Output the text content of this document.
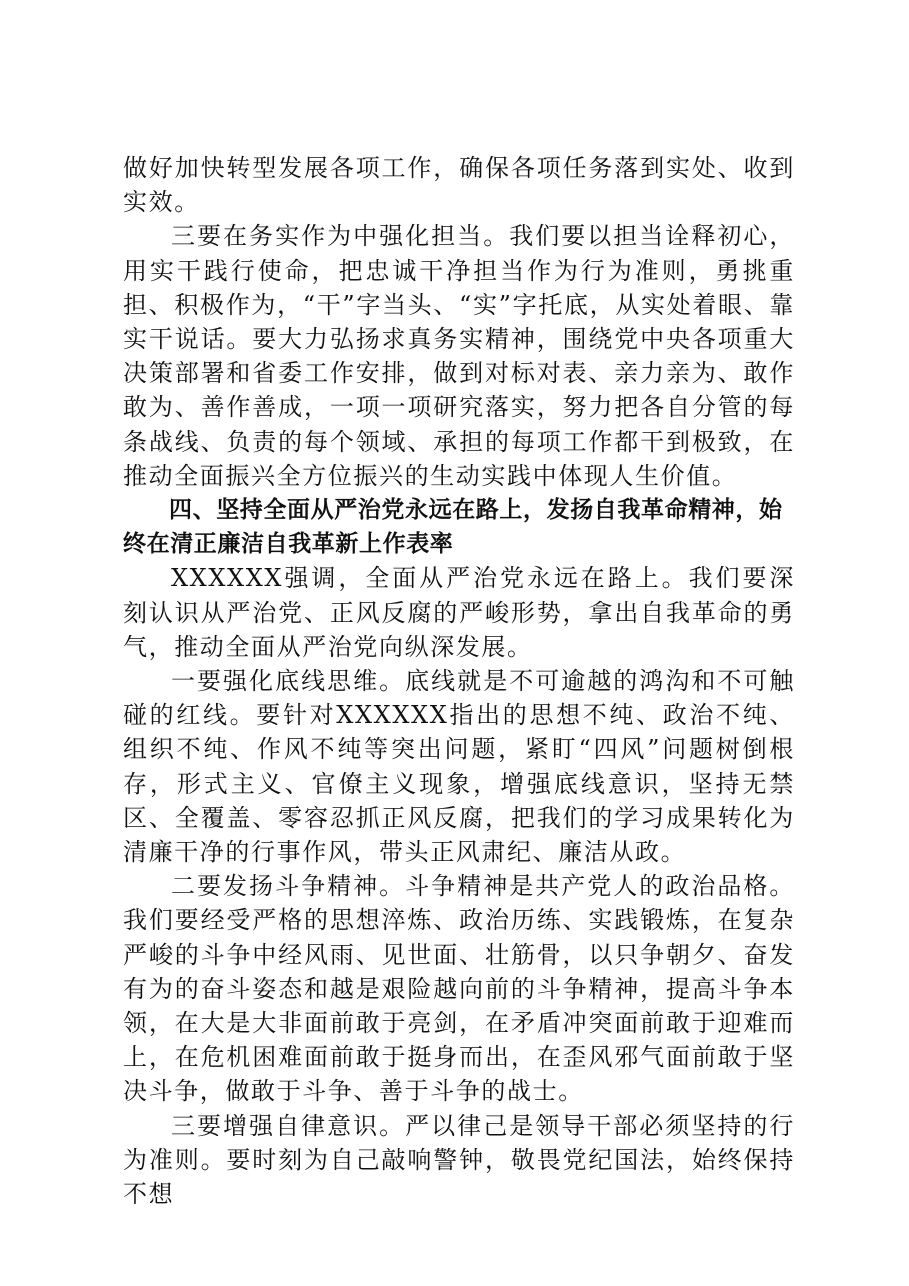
做好加快转型发展各项工作，确保各项任务落到实处、收到实效。

三要在务实作为中强化担当。我们要以担当诠释初心，用实干践行使命，把忠诚干净担当作为行为准则，勇挑重担、积极作为，“干”字当头、“实”字托底，从实处着眼、靠实干说话。要大力弘扬求真务实精神，围绕党中央各项重大决策部署和省委工作安排，做到对标对表、亲力亲为、敢作敢为、善作善成，一项一项研究落实，努力把各自分管的每条战线、负责的每个领域、承担的每项工作都干到极致，在推动全面振兴全方位振兴的生动实践中体现人生价值。

四、坚持全面从严治党永远在路上，发扬自我革命精神，始终在清正廉洁自我革新上作表率

XXXXXX强调，全面从严治党永远在路上。我们要深刻认识从严治党、正风反腐的严峻形势，拿出自我革命的勇气，推动全面从严治党向纵深发展。

一要强化底线思维。底线就是不可逾越的鸿沟和不可触碰的红线。要针对XXXXXX指出的思想不纯、政治不纯、组织不纯、作风不纯等突出问题，紧盯“四风”问题树倒根存，形式主义、官僚主义现象，增强底线意识，坚持无禁区、全覆盖、零容忍抓正风反腐，把我们的学习成果转化为清廉干净的行事作风，带头正风肃纪、廉洁从政。

二要发扬斗争精神。斗争精神是共产党人的政治品格。我们要经受严格的思想淬炼、政治历练、实践锻炼，在复杂严峻的斗争中经风雨、见世面、壮筋骨，以只争朝夕、奋发有为的奋斗姿态和越是艰险越向前的斗争精神，提高斗争本领，在大是大非面前敢于亮剑，在矛盾冲突面前敢于迎难而上，在危机困难面前敢于挺身而出，在歪风邪气面前敢于坚决斗争，做敢于斗争、善于斗争的战士。

三要增强自律意识。严以律己是领导干部必须坚持的行为准则。要时刻为自己敲响警钟，敬畏党纪国法，始终保持不想
